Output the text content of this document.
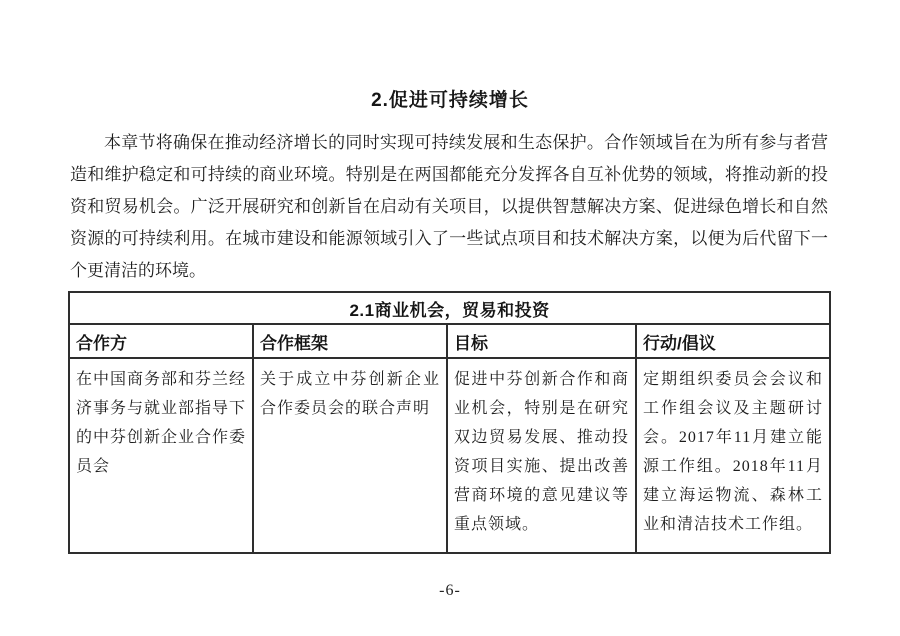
2.促进可持续增长

本章节将确保在推动经济增长的同时实现可持续发展和生态保护。合作领域旨在为所有参与者营造和维护稳定和可持续的商业环境。特别是在两国都能充分发挥各自互补优势的领域，将推动新的投资和贸易机会。广泛开展研究和创新旨在启动有关项目，以提供智慧解决方案、促进绿色增长和自然资源的可持续利用。在城市建设和能源领域引入了一些试点项目和技术解决方案，以便为后代留下一个更清洁的环境。

2.1商业机会，贸易和投资			
合作方	合作框架	目标	行动/倡议
在中国商务部和芬兰经济事务与就业部指导下的中芬创新企业合作委员会	关于成立中芬创新企业合作委员会的联合声明	促进中芬创新合作和商业机会，特别是在研究双边贸易发展、推动投资项目实施、提出改善营商环境的意见建议等重点领域。	定期组织委员会会议和工作组会议及主题研讨会。2017年11月建立能源工作组。2018年11月建立海运物流、森林工业和清洁技术工作组。
-6-
